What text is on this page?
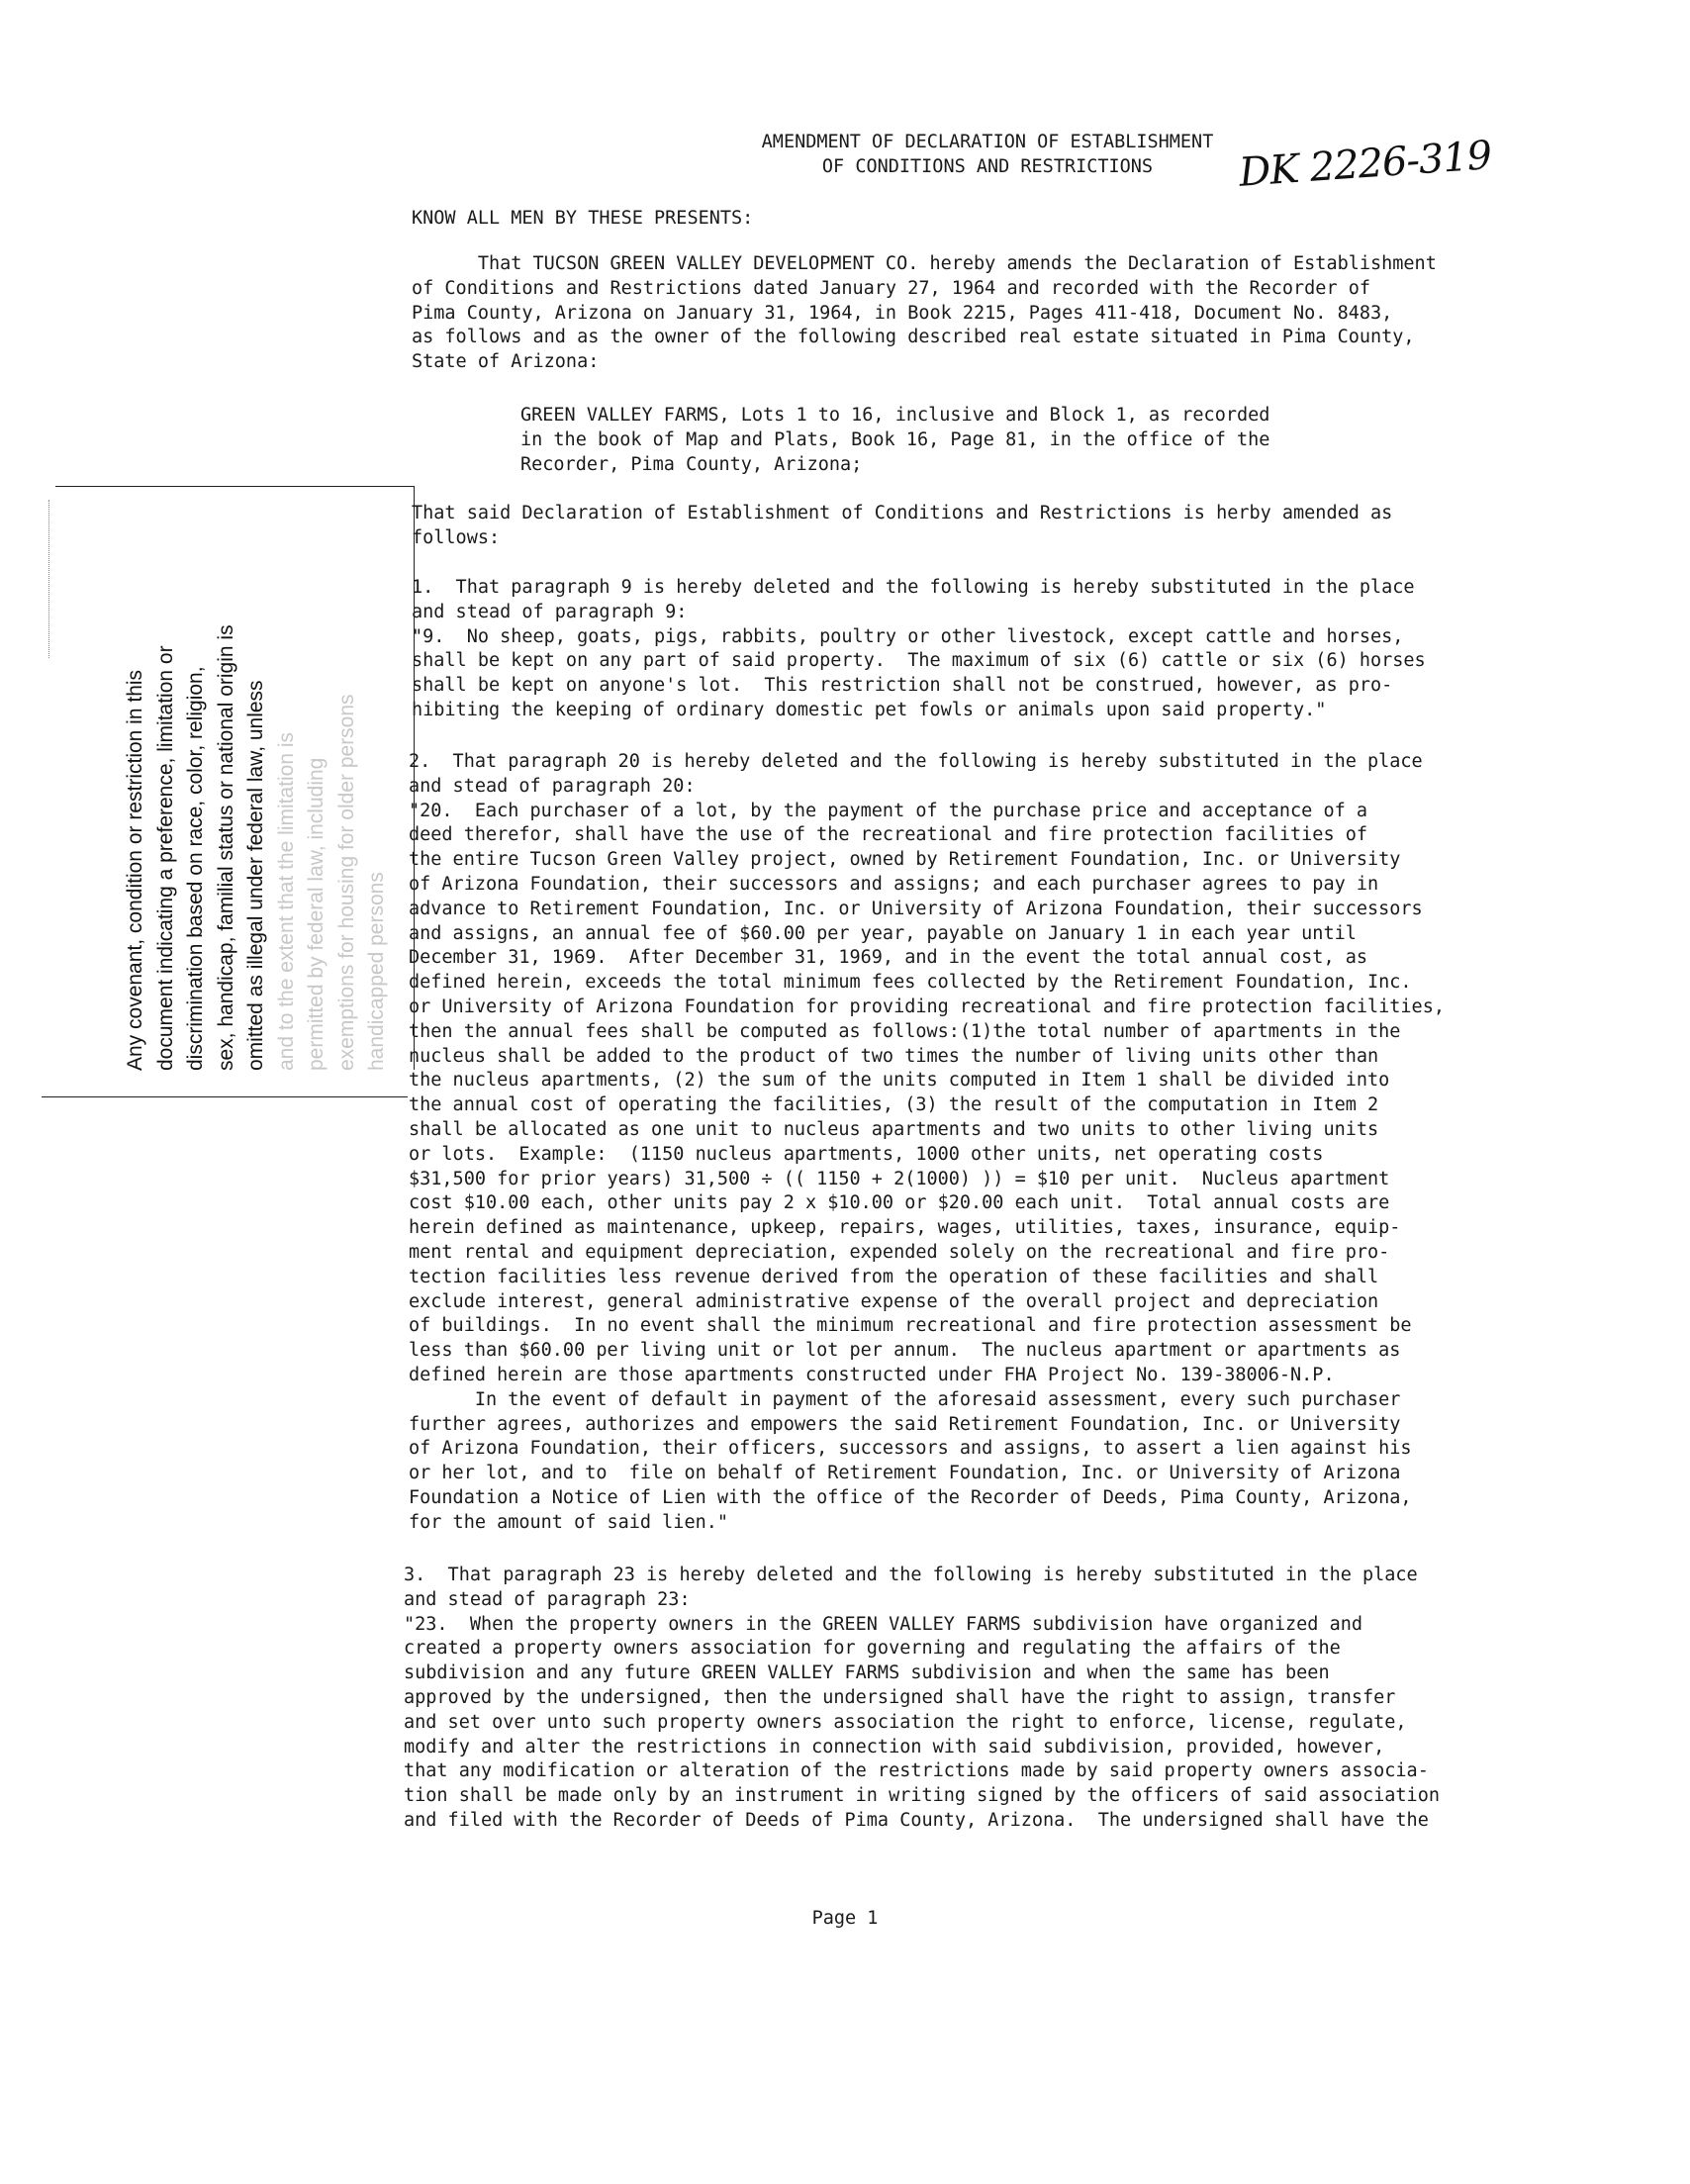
AMENDMENT OF DECLARATION OF ESTABLISHMENT
OF CONDITIONS AND RESTRICTIONS	DK 2226-319
KNOW ALL MEN BY THESE PRESENTS:
That TUCSON GREEN VALLEY DEVELOPMENT CO. hereby amends the Declaration of Establishment
of Conditions and Restrictions dated January 27, 1964 and recorded with the Recorder of
Pima County, Arizona on January 31, 1964, in Book 2215, Pages 411-418, Document No. 8483,
as follows and as the owner of the following described real estate situated in Pima County,
State of Arizona:
GREEN VALLEY FARMS, Lots 1 to 16, inclusive and Block 1, as recorded
in the book of Map and Plats, Book 16, Page 81, in the office of the
Recorder, Pima County, Arizona;
That said Declaration of Establishment of Conditions and Restrictions is herby amended as
follows:
1.  That paragraph 9 is hereby deleted and the following is hereby substituted in the place
and stead of paragraph 9:
"9.  No sheep, goats, pigs, rabbits, poultry or other livestock, except cattle and horses,
shall be kept on any part of said property.  The maximum of six (6) cattle or six (6) horses
shall be kept on anyone's lot.  This restriction shall not be construed, however, as pro-
hibiting the keeping of ordinary domestic pet fowls or animals upon said property."
2.  That paragraph 20 is hereby deleted and the following is hereby substituted in the place
and stead of paragraph 20:
"20.  Each purchaser of a lot, by the payment of the purchase price and acceptance of a
deed therefor, shall have the use of the recreational and fire protection facilities of
the entire Tucson Green Valley project, owned by Retirement Foundation, Inc. or University
of Arizona Foundation, their successors and assigns; and each purchaser agrees to pay in
advance to Retirement Foundation, Inc. or University of Arizona Foundation, their successors
and assigns, an annual fee of $60.00 per year, payable on January 1 in each year until
December 31, 1969.  After December 31, 1969, and in the event the total annual cost, as
defined herein, exceeds the total minimum fees collected by the Retirement Foundation, Inc.
or University of Arizona Foundation for providing recreational and fire protection facilities,
then the annual fees shall be computed as follows:(1)the total number of apartments in the
nucleus shall be added to the product of two times the number of living units other than
the nucleus apartments, (2) the sum of the units computed in Item 1 shall be divided into
the annual cost of operating the facilities, (3) the result of the computation in Item 2
shall be allocated as one unit to nucleus apartments and two units to other living units
or lots.  Example:  (1150 nucleus apartments, 1000 other units, net operating costs
$31,500 for prior years) 31,500 ÷ (( 1150 + 2(1000) )) = $10 per unit.  Nucleus apartment
cost $10.00 each, other units pay 2 x $10.00 or $20.00 each unit.  Total annual costs are
herein defined as maintenance, upkeep, repairs, wages, utilities, taxes, insurance, equip-
ment rental and equipment depreciation, expended solely on the recreational and fire pro-
tection facilities less revenue derived from the operation of these facilities and shall
exclude interest, general administrative expense of the overall project and depreciation
of buildings.  In no event shall the minimum recreational and fire protection assessment be
less than $60.00 per living unit or lot per annum.  The nucleus apartment or apartments as
defined herein are those apartments constructed under FHA Project No. 139-38006-N.P.
In the event of default in payment of the aforesaid assessment, every such purchaser
further agrees, authorizes and empowers the said Retirement Foundation, Inc. or University
of Arizona Foundation, their officers, successors and assigns, to assert a lien against his
or her lot, and to  file on behalf of Retirement Foundation, Inc. or University of Arizona
Foundation a Notice of Lien with the office of the Recorder of Deeds, Pima County, Arizona,
for the amount of said lien."
3.  That paragraph 23 is hereby deleted and the following is hereby substituted in the place
and stead of paragraph 23:
"23.  When the property owners in the GREEN VALLEY FARMS subdivision have organized and
created a property owners association for governing and regulating the affairs of the
subdivision and any future GREEN VALLEY FARMS subdivision and when the same has been
approved by the undersigned, then the undersigned shall have the right to assign, transfer
and set over unto such property owners association the right to enforce, license, regulate,
modify and alter the restrictions in connection with said subdivision, provided, however,
that any modification or alteration of the restrictions made by said property owners associa-
tion shall be made only by an instrument in writing signed by the officers of said association
and filed with the Recorder of Deeds of Pima County, Arizona.  The undersigned shall have the
Any covenant, condition or restriction in this document indicating a preference, limitation or discrimination based on race, color, religion, sex, handicap, familial status or national origin is omitted as illegal under federal law, unless and to the extent that the limitation is permitted by federal law, including exemptions for housing for older persons handicapped persons
Page 1
